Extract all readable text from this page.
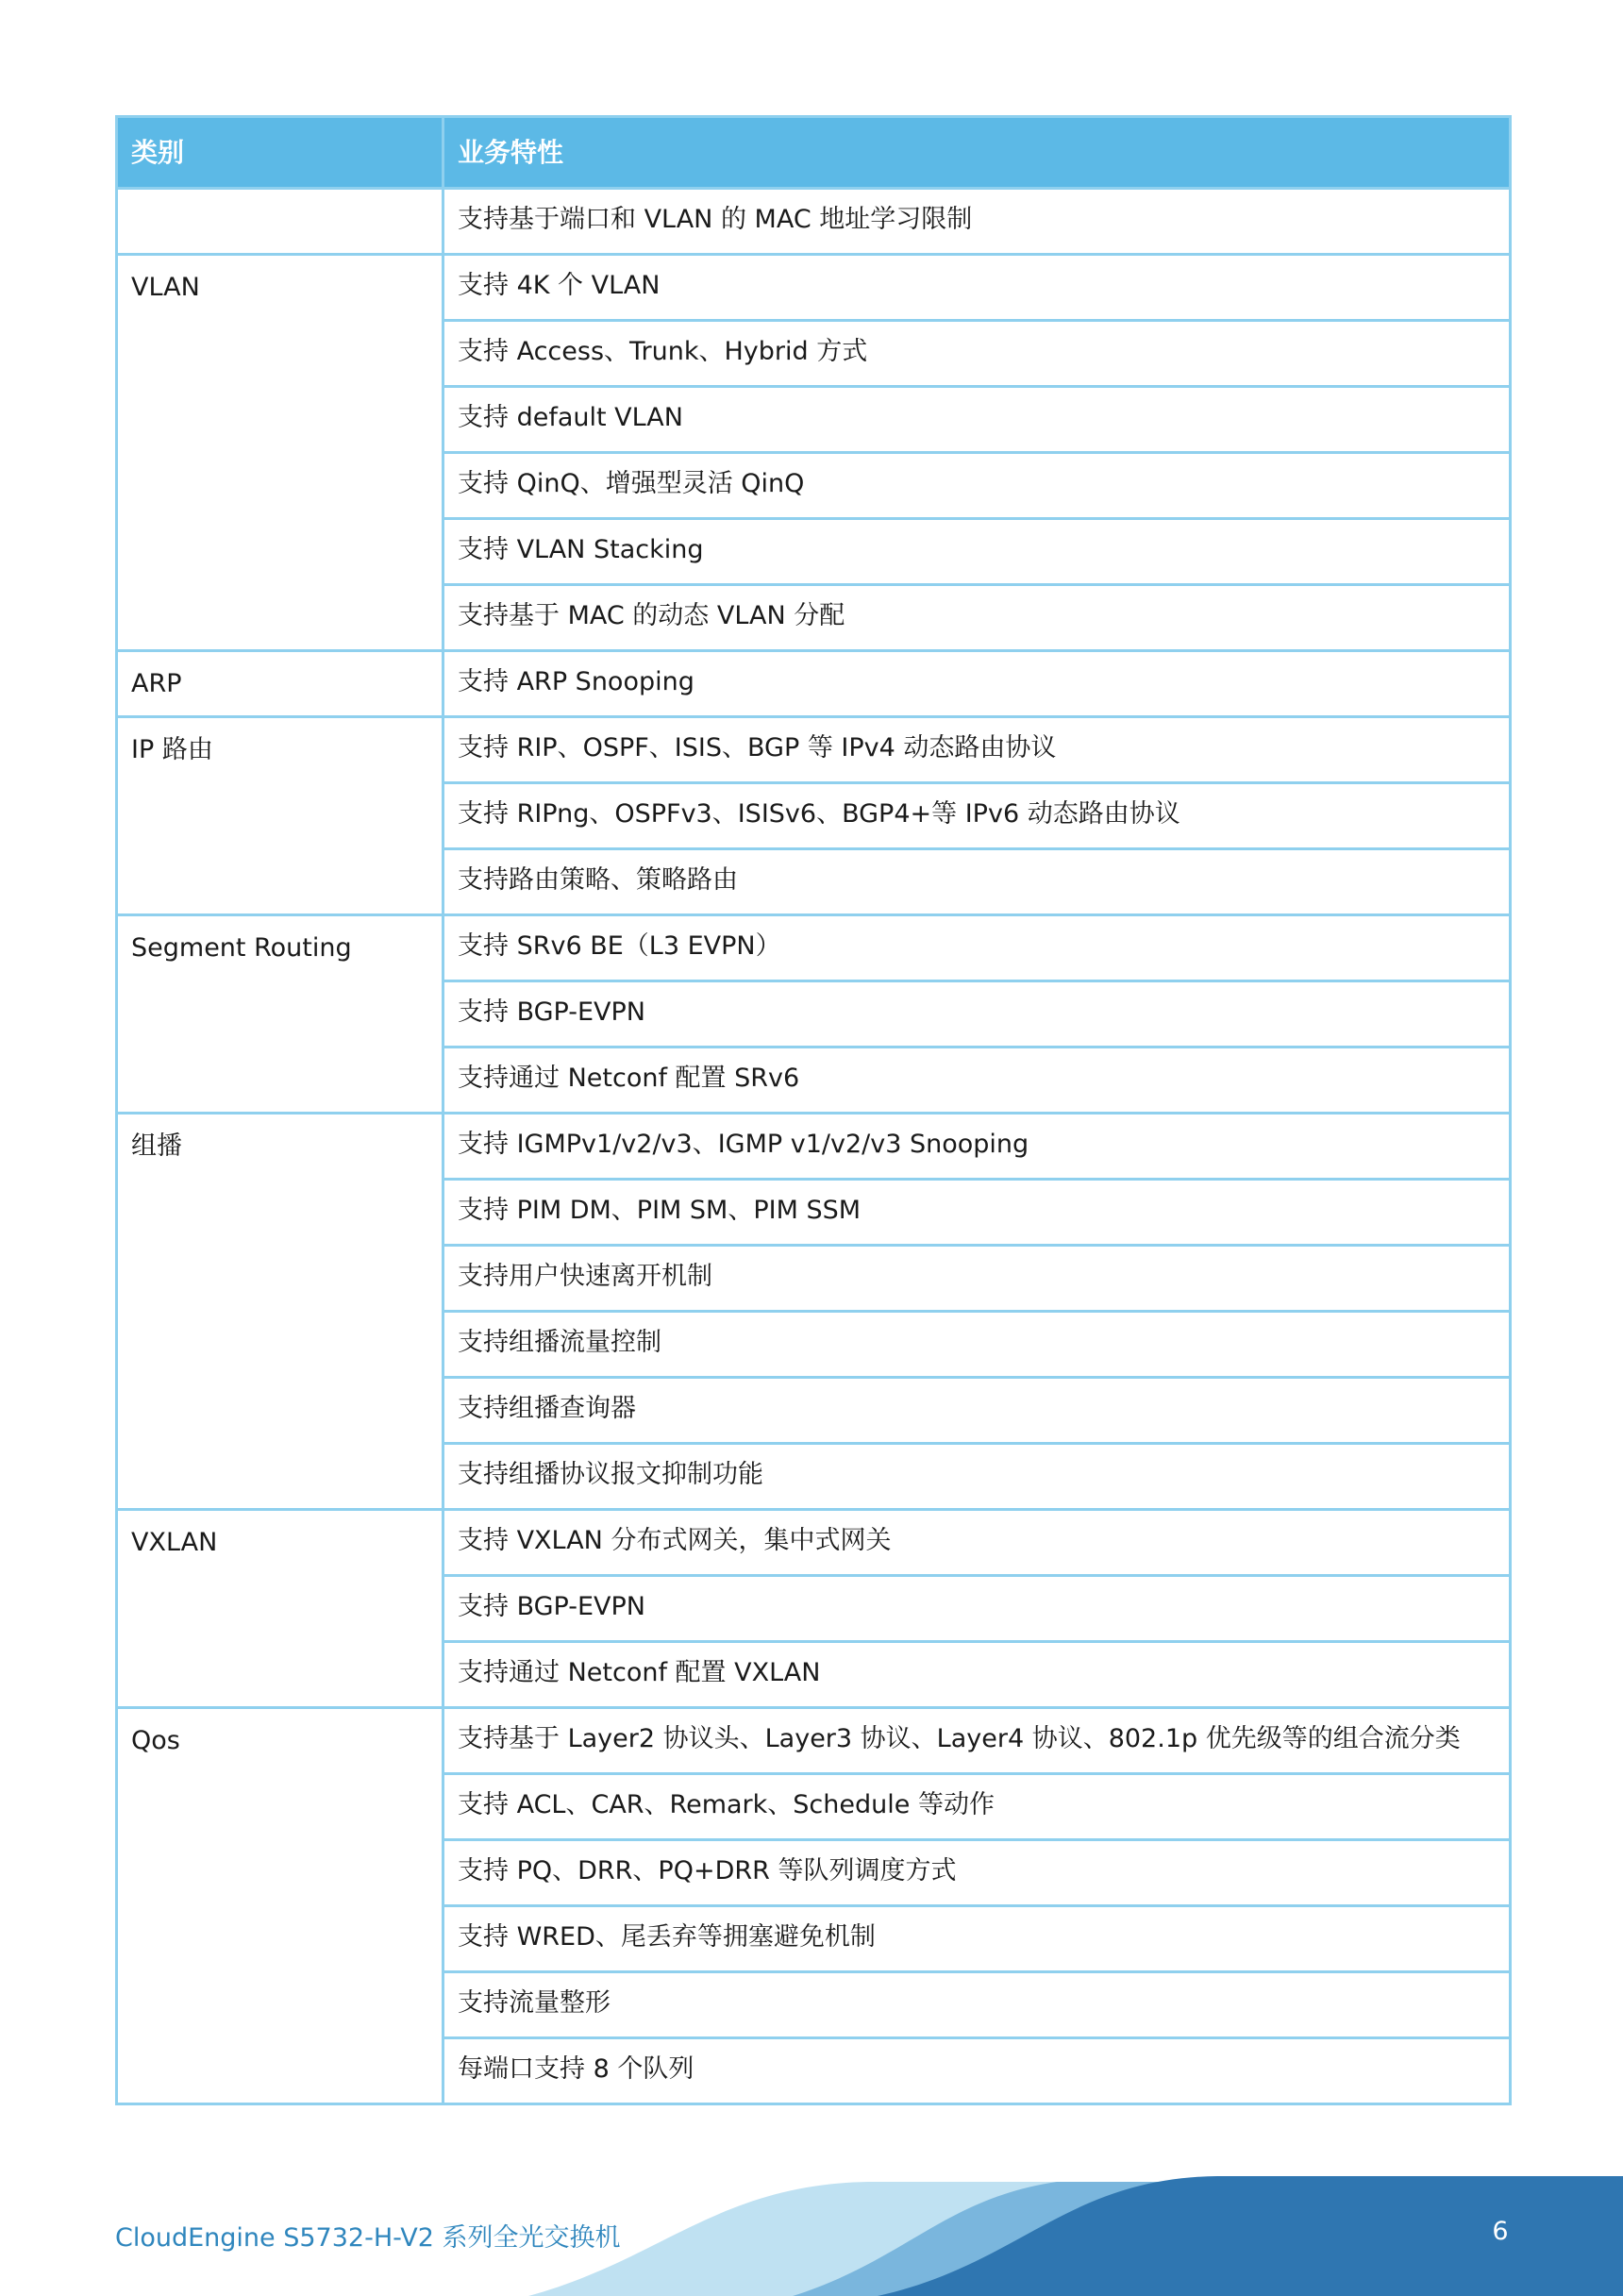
类别	业务特性
	支持基于端口和 VLAN 的 MAC 地址学习限制
VLAN	支持 4K 个 VLAN
	支持 Access、Trunk、Hybrid 方式
	支持 default VLAN
	支持 QinQ、增强型灵活 QinQ
	支持 VLAN Stacking
	支持基于 MAC 的动态 VLAN 分配
ARP	支持 ARP Snooping
IP 路由	支持 RIP、OSPF、ISIS、BGP 等 IPv4 动态路由协议
	支持 RIPng、OSPFv3、ISISv6、BGP4+等 IPv6 动态路由协议
	支持路由策略、策略路由
Segment Routing	支持 SRv6 BE（L3 EVPN）
	支持 BGP-EVPN
	支持通过 Netconf 配置 SRv6
组播	支持 IGMPv1/v2/v3、IGMP v1/v2/v3 Snooping
	支持 PIM DM、PIM SM、PIM SSM
	支持用户快速离开机制
	支持组播流量控制
	支持组播查询器
	支持组播协议报文抑制功能
VXLAN	支持 VXLAN 分布式网关，集中式网关
	支持 BGP-EVPN
	支持通过 Netconf 配置 VXLAN
Qos	支持基于 Layer2 协议头、Layer3 协议、Layer4 协议、802.1p 优先级等的组合流分类
	支持 ACL、CAR、Remark、Schedule 等动作
	支持 PQ、DRR、PQ+DRR 等队列调度方式
	支持 WRED、尾丢弃等拥塞避免机制
	支持流量整形
	每端口支持 8 个队列
CloudEngine S5732-H-V2 系列全光交换机	6
